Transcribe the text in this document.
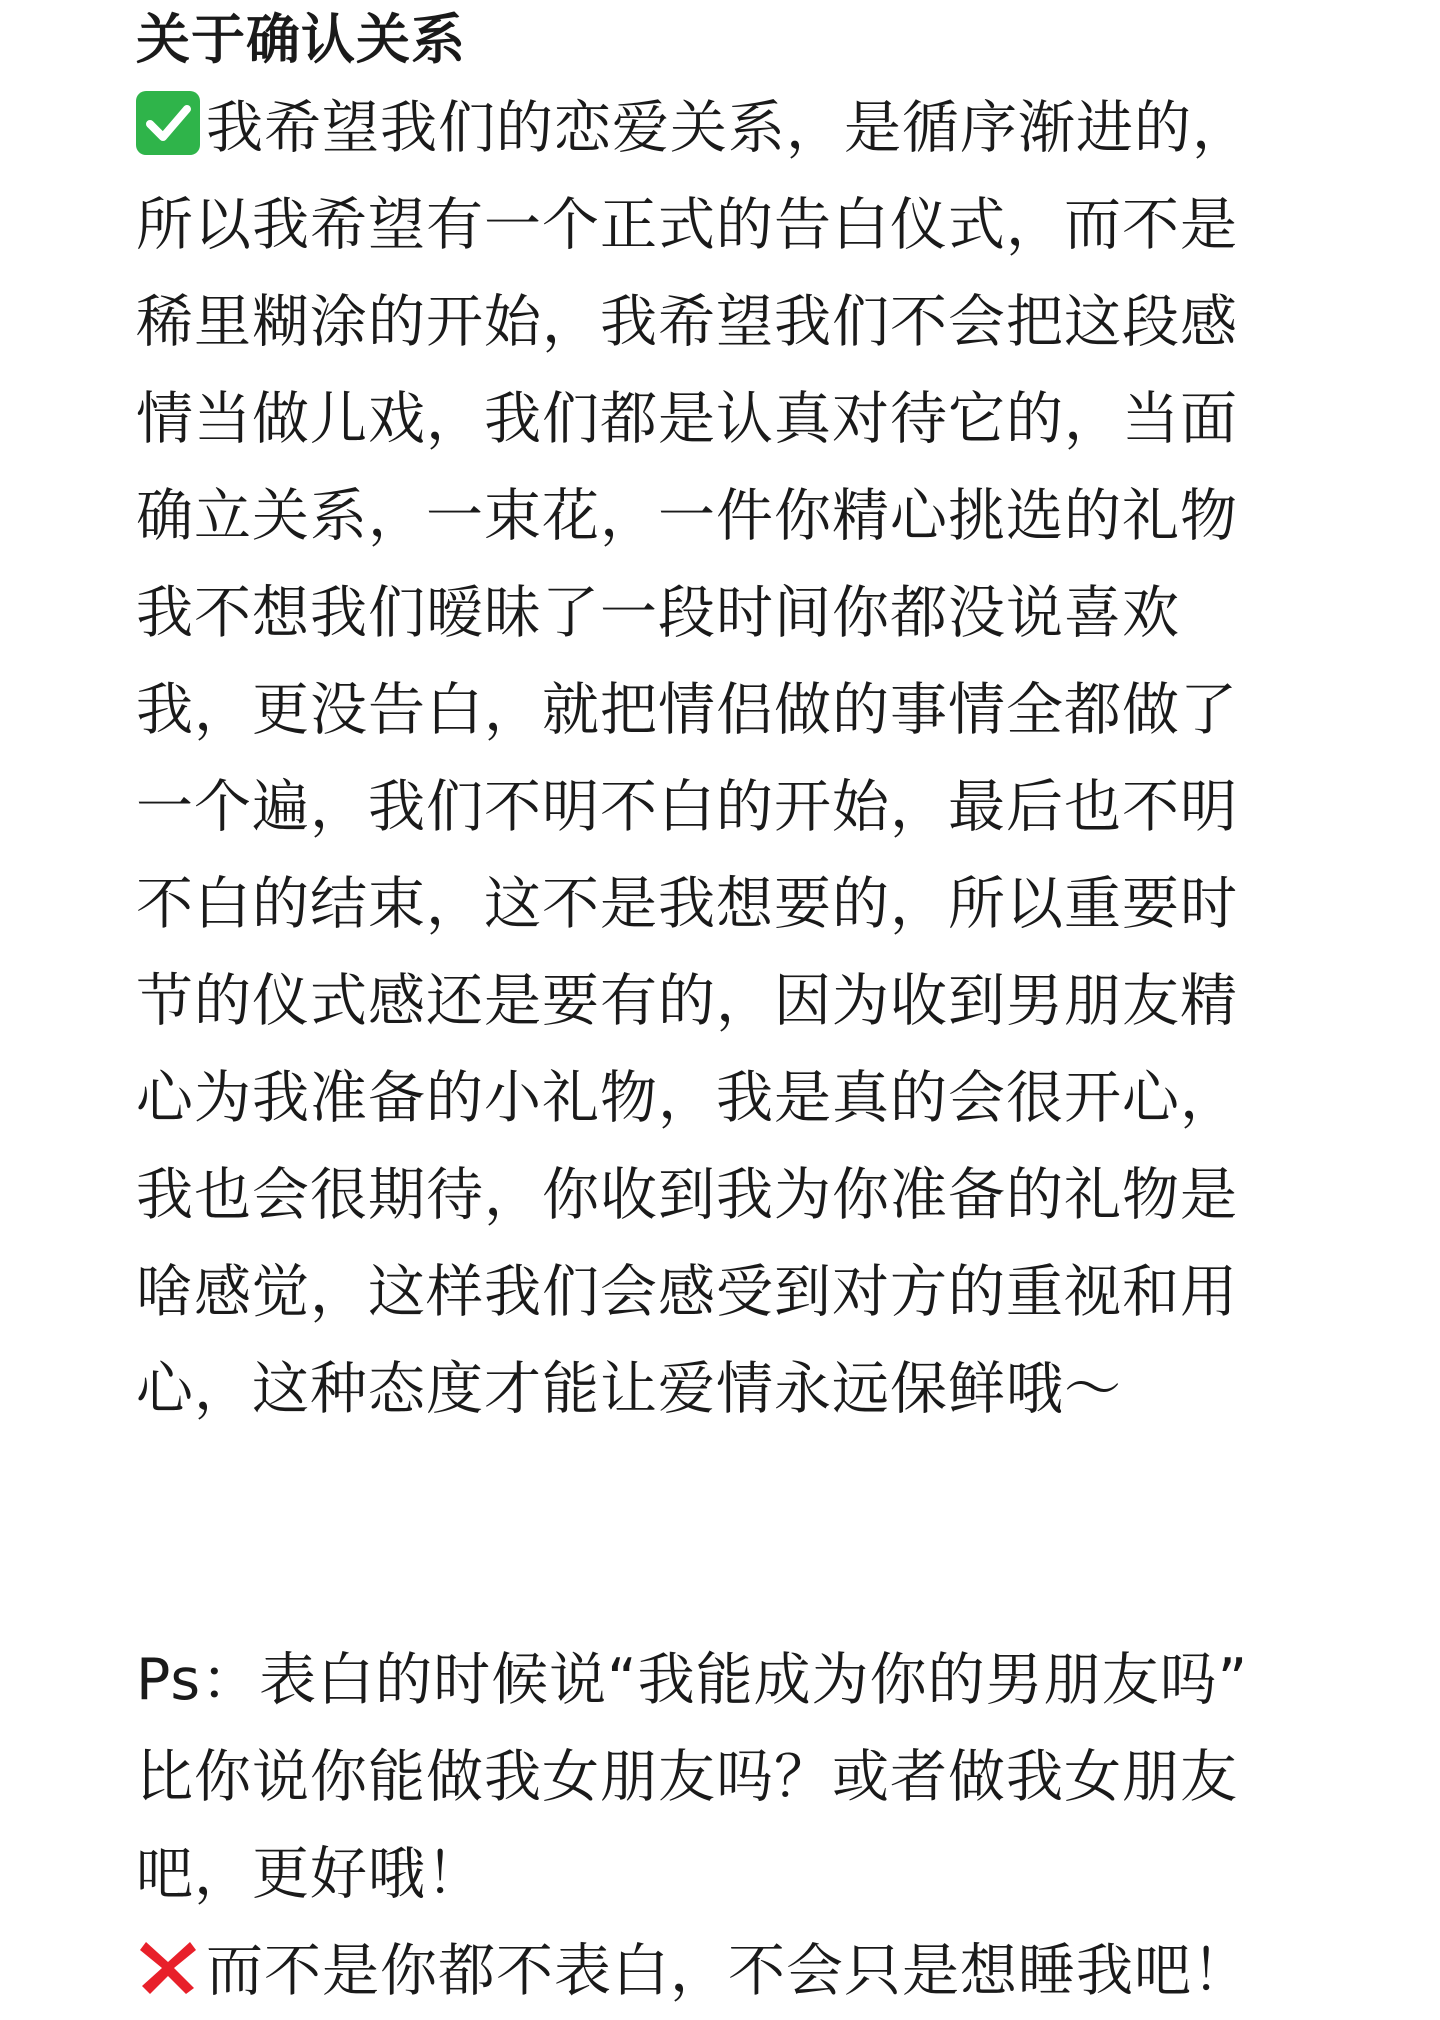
关于确认关系
我希望我们的恋爱关系，是循序渐进的，
所以我希望有一个正式的告白仪式，而不是
稀里糊涂的开始，我希望我们不会把这段感
情当做儿戏，我们都是认真对待它的，当面
确立关系，一束花，一件你精心挑选的礼物
我不想我们暧昧了一段时间你都没说喜欢
我，更没告白，就把情侣做的事情全都做了
一个遍，我们不明不白的开始，最后也不明
不白的结束，这不是我想要的，所以重要时
节的仪式感还是要有的，因为收到男朋友精
心为我准备的小礼物，我是真的会很开心，
我也会很期待，你收到我为你准备的礼物是
啥感觉，这样我们会感受到对方的重视和用
心，这种态度才能让爱情永远保鲜哦～
Ps：表白的时候说“我能成为你的男朋友吗”
比你说你能做我女朋友吗？或者做我女朋友
吧，更好哦！
而不是你都不表白，不会只是想睡我吧！
